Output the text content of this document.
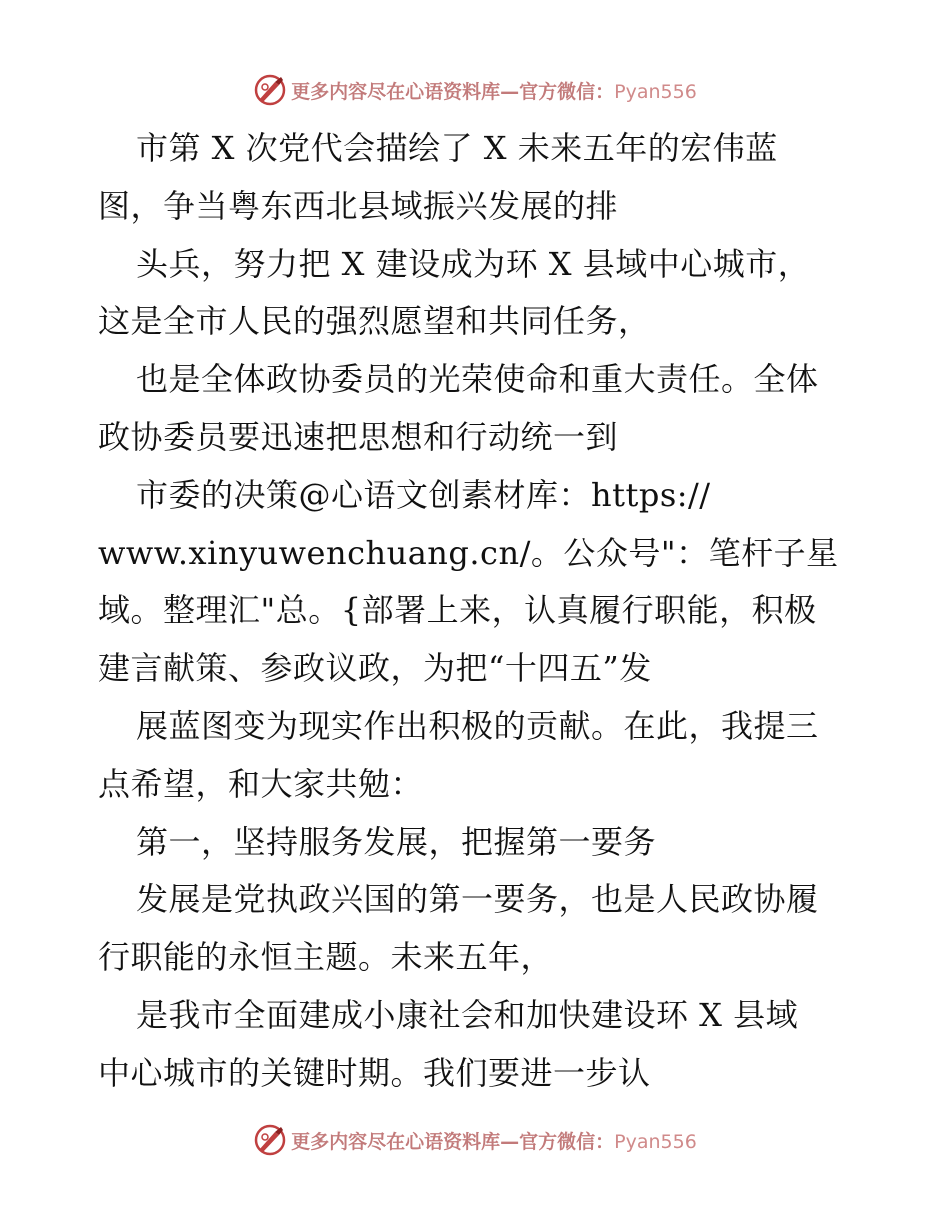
更多内容尽在心语资料库—官方微信：Pyan556
市第 X 次党代会描绘了 X 未来五年的宏伟蓝
图，争当粤东西北县域振兴发展的排
头兵，努力把 X 建设成为环 X 县域中心城市，
这是全市人民的强烈愿望和共同任务，
也是全体政协委员的光荣使命和重大责任。全体
政协委员要迅速把思想和行动统一到
市委的决策@心语文创素材库：https://
www.xinyuwenchuang.cn/。公众号"：笔杆子星
域。整理汇"总。{部署上来，认真履行职能，积极
建言献策、参政议政，为把“十四五”发
展蓝图变为现实作出积极的贡献。在此，我提三
点希望，和大家共勉：
第一，坚持服务发展，把握第一要务
发展是党执政兴国的第一要务，也是人民政协履
行职能的永恒主题。未来五年，
是我市全面建成小康社会和加快建设环 X 县域
中心城市的关键时期。我们要进一步认
更多内容尽在心语资料库—官方微信：Pyan556
